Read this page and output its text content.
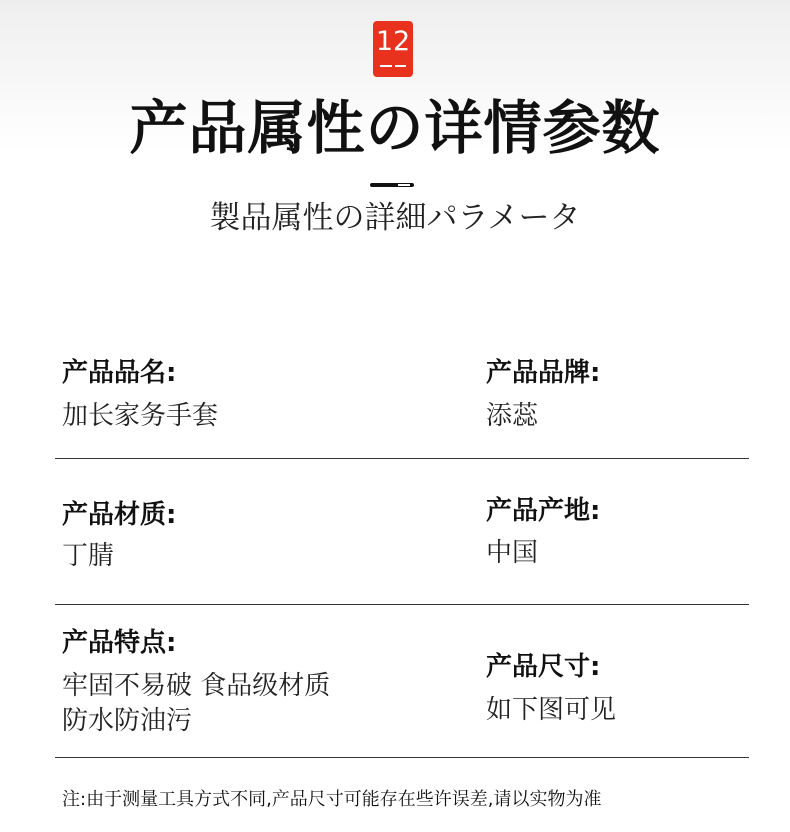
12
产品属性の详情参数
製品属性の詳細パラメータ
产品品名:
加长家务手套
产品品牌:
添蕊
产品材质:
丁腈
产品产地:
中国
产品特点:
牢固不易破 食品级材质
防水防油污
产品尺寸:
如下图可见
注:由于测量工具方式不同,产品尺寸可能存在些许误差,请以实物为准
